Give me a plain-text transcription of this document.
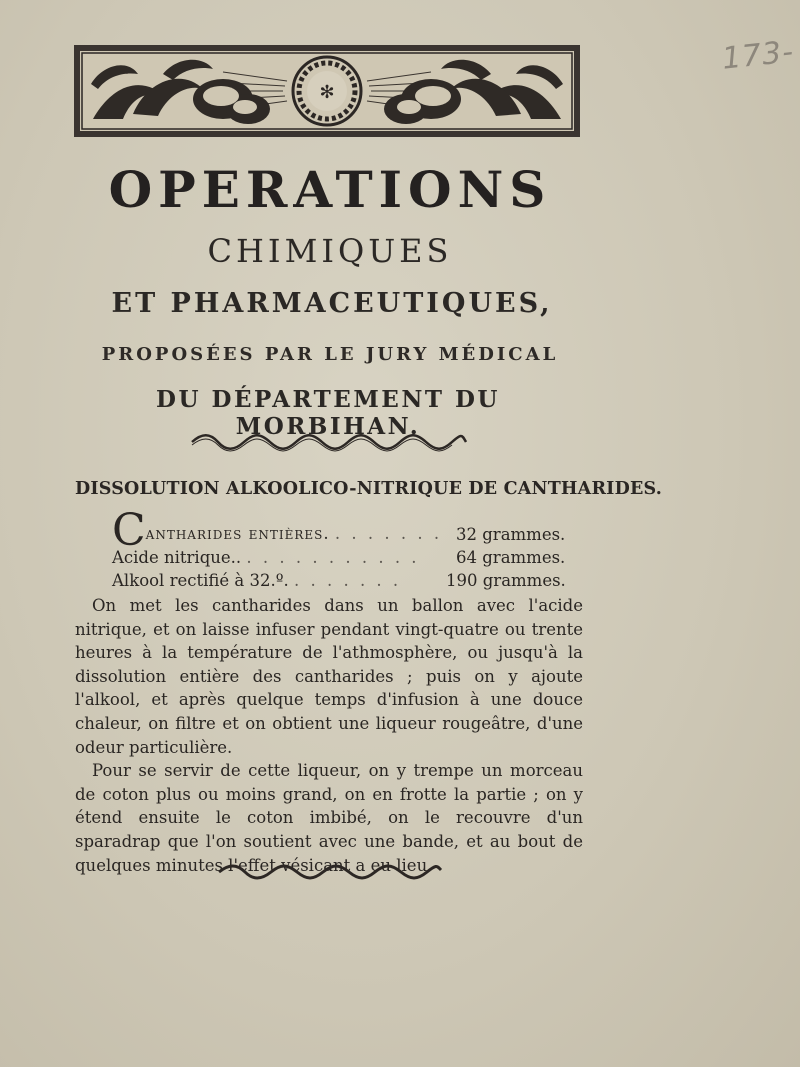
173-
✻
OPERATIONS
CHIMIQUES
ET PHARMACEUTIQUES,
PROPOSÉES PAR LE JURY MÉDICAL
DU DÉPARTEMENT DU MORBIHAN.
DISSOLUTION ALKOOLICO-NITRIQUE DE CANTHARIDES.
Cantharides entières. . . . . . . . 32 grammes.
Acide nitrique.. . . . . . . . . . . . 64 grammes.
Alkool rectifié à 32.º. . . . . . . .	190 grammes.

On met les cantharides dans un ballon avec l'acide nitrique, et on laisse infuser pendant vingt-quatre ou trente heures à la température de l'athmosphère, ou jusqu'à la dissolution entière des cantharides ; puis on y ajoute l'alkool, et après quelque temps d'infusion à une douce chaleur, on filtre et on obtient une liqueur rougeâtre, d'une odeur particulière.

Pour se servir de cette liqueur, on y trempe un morceau de coton plus ou moins grand, on en frotte la partie ; on y étend ensuite le coton imbibé, on le recouvre d'un sparadrap que l'on soutient avec une bande, et au bout de quelques minutes l'effet vésicant a eu lieu.
